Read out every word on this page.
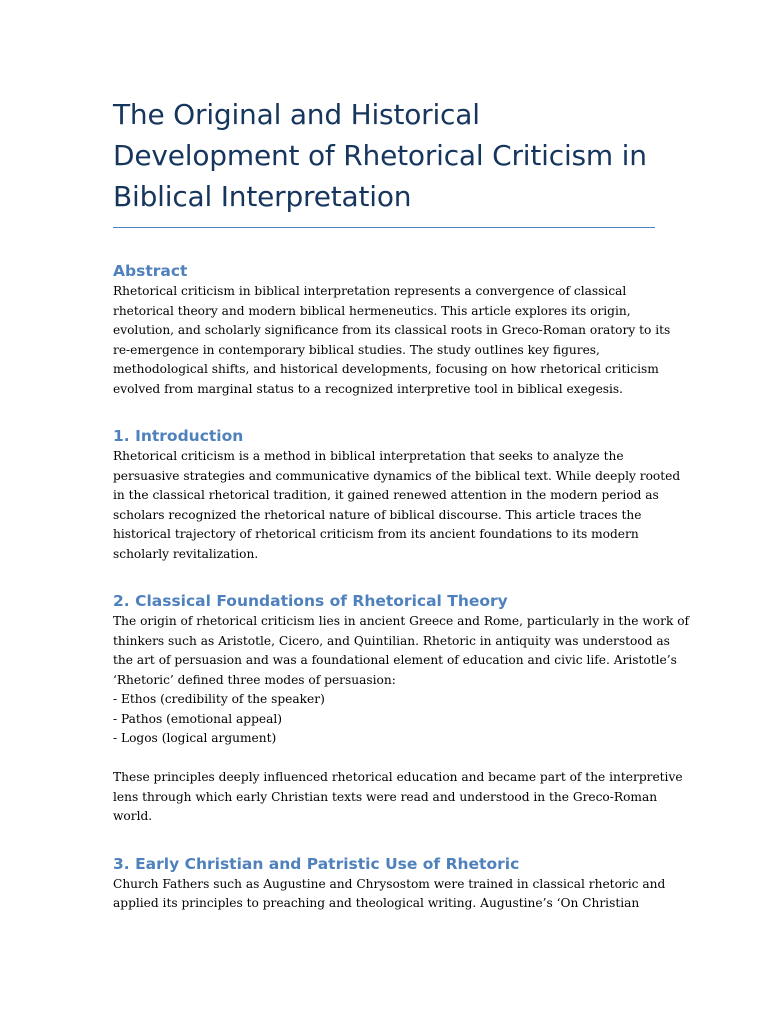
The Original and Historical
Development of Rhetorical Criticism in
Biblical Interpretation
Abstract

Rhetorical criticism in biblical interpretation represents a convergence of classical
rhetorical theory and modern biblical hermeneutics. This article explores its origin,
evolution, and scholarly significance from its classical roots in Greco-Roman oratory to its
re-emergence in contemporary biblical studies. The study outlines key figures,
methodological shifts, and historical developments, focusing on how rhetorical criticism
evolved from marginal status to a recognized interpretive tool in biblical exegesis.

1. Introduction

Rhetorical criticism is a method in biblical interpretation that seeks to analyze the
persuasive strategies and communicative dynamics of the biblical text. While deeply rooted
in the classical rhetorical tradition, it gained renewed attention in the modern period as
scholars recognized the rhetorical nature of biblical discourse. This article traces the
historical trajectory of rhetorical criticism from its ancient foundations to its modern
scholarly revitalization.

2. Classical Foundations of Rhetorical Theory

The origin of rhetorical criticism lies in ancient Greece and Rome, particularly in the work of
thinkers such as Aristotle, Cicero, and Quintilian. Rhetoric in antiquity was understood as
the art of persuasion and was a foundational element of education and civic life. Aristotle’s
‘Rhetoric’ defined three modes of persuasion:
- Ethos (credibility of the speaker)
- Pathos (emotional appeal)
- Logos (logical argument)
These principles deeply influenced rhetorical education and became part of the interpretive
lens through which early Christian texts were read and understood in the Greco-Roman
world.

3. Early Christian and Patristic Use of Rhetoric

Church Fathers such as Augustine and Chrysostom were trained in classical rhetoric and
applied its principles to preaching and theological writing. Augustine’s ‘On Christian
